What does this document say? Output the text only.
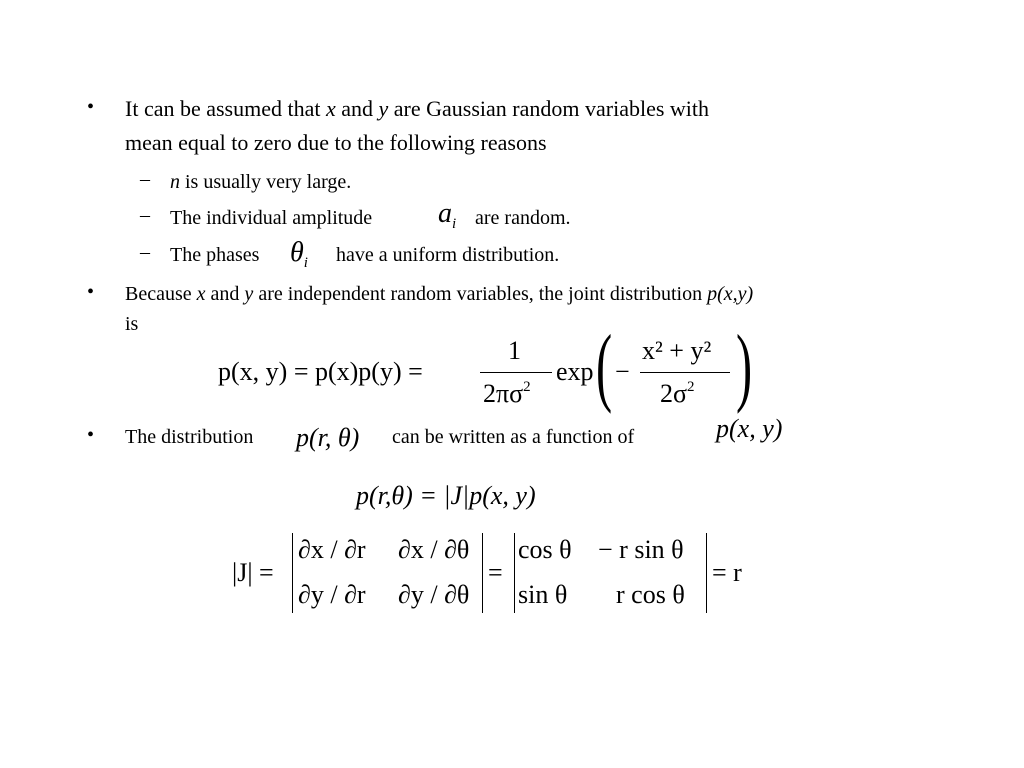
• It can be assumed that x and y are Gaussian random variables with
mean equal to zero due to the following reasons
– n is usually very large.
– The individual amplitude $a_i$ are random.
– The phases $\theta_i$ have a uniform distribution.
• Because x and y are independent random variables, the joint distribution p(x,y)
is
p(x, y) = p(x)p(y) =
1
$2\pi\sigma^2$
exp ( −
x² + y²
$2\sigma^2$ )
• The distribution p(r, θ) can be written as a function of	p(x, y)
p(r,θ) = |J|p(x, y)
|J| =
∂x / ∂r ∂x / ∂θ
∂y / ∂r ∂y / ∂θ
=
cos θ − r sin θ
sin θ r cos θ
= r
